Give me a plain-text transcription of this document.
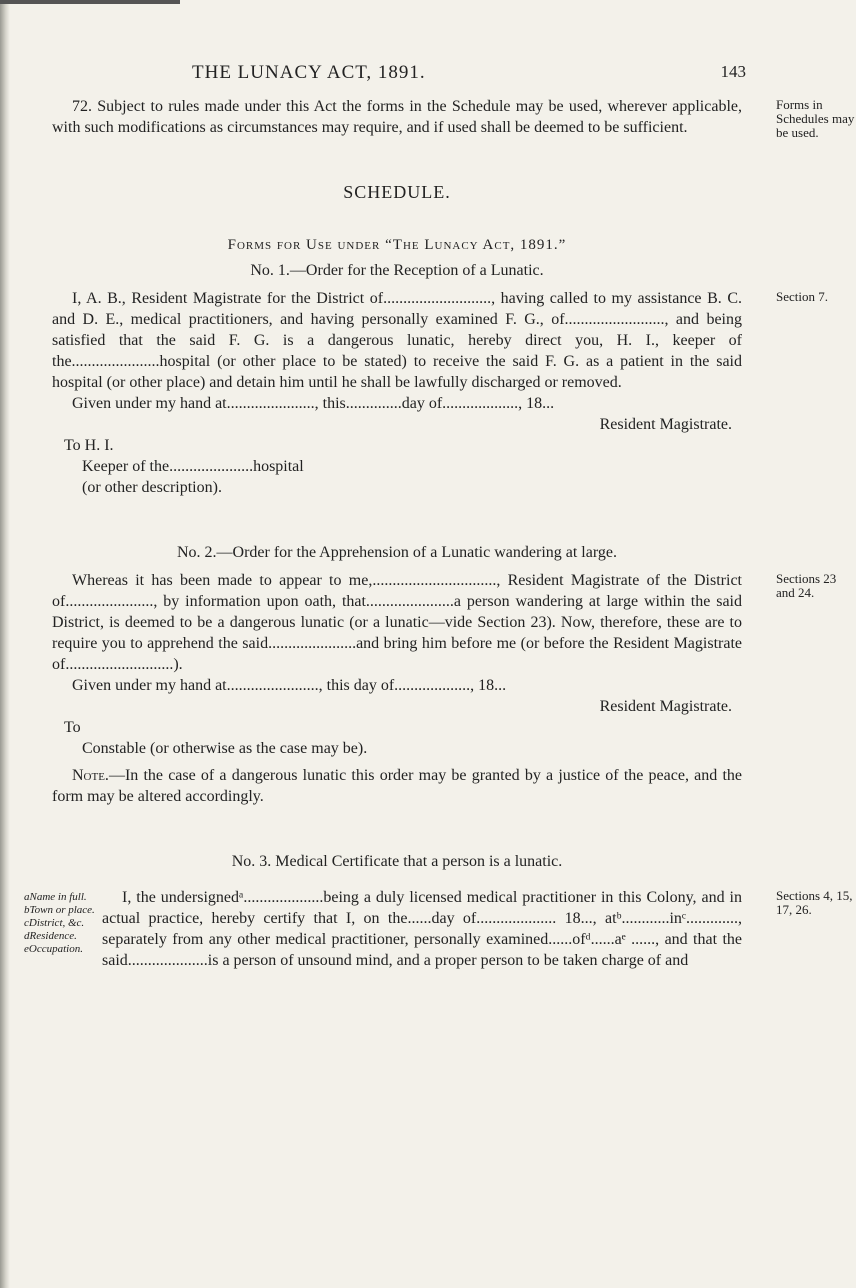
THE LUNACY ACT, 1891.	143

72. Subject to rules made under this Act the forms in the Schedule may be used, wherever applicable, with such modifications as circumstances may require, and if used shall be deemed to be sufficient.

Forms in Schedules may be used.
SCHEDULE.
Forms for Use under “The Lunacy Act, 1891.”
No. 1.—Order for the Reception of a Lunatic.

I, A. B., Resident Magistrate for the District of..........................., having called to my assistance B. C. and D. E., medical practitioners, and having personally examined F. G., of........................., and being satisfied that the said F. G. is a dangerous lunatic, hereby direct you, H. I., keeper of the......................hospital (or other place to be stated) to receive the said F. G. as a patient in the said hospital (or other place) and detain him until he shall be lawfully discharged or removed.

Section 7.

Given under my hand at......................, this..............day of..................., 18...

Resident Magistrate.

To H. I.

Keeper of the.....................hospital

(or other description).

No. 2.—Order for the Apprehension of a Lunatic wandering at large.

Whereas it has been made to appear to me,..............................., Resident Magistrate of the District of......................, by information upon oath, that......................a person wandering at large within the said District, is deemed to be a dangerous lunatic (or a lunatic—vide Section 23). Now, therefore, these are to require you to apprehend the said......................and bring him before me (or before the Resident Magistrate of...........................).

Sections 23 and 24.

Given under my hand at......................., this day of..................., 18...

Resident Magistrate.

To

Constable (or otherwise as the case may be).

Note.—In the case of a dangerous lunatic this order may be granted by a justice of the peace, and the form may be altered accordingly.

No. 3. Medical Certificate that a person is a lunatic.
aName in full.
bTown or place.
cDistrict, &c.
dResidence.
eOccupation.

I, the undersignedᵃ....................being a duly licensed medical practitioner in this Colony, and in actual practice, hereby certify that I, on the......day of.................... 18..., atᵇ............inᶜ............., separately from any other medical practitioner, personally examined......ofᵈ......aᵉ ......, and that the said....................is a person of unsound mind, and a proper person to be taken charge of and

Sections 4, 15, 17, 26.
